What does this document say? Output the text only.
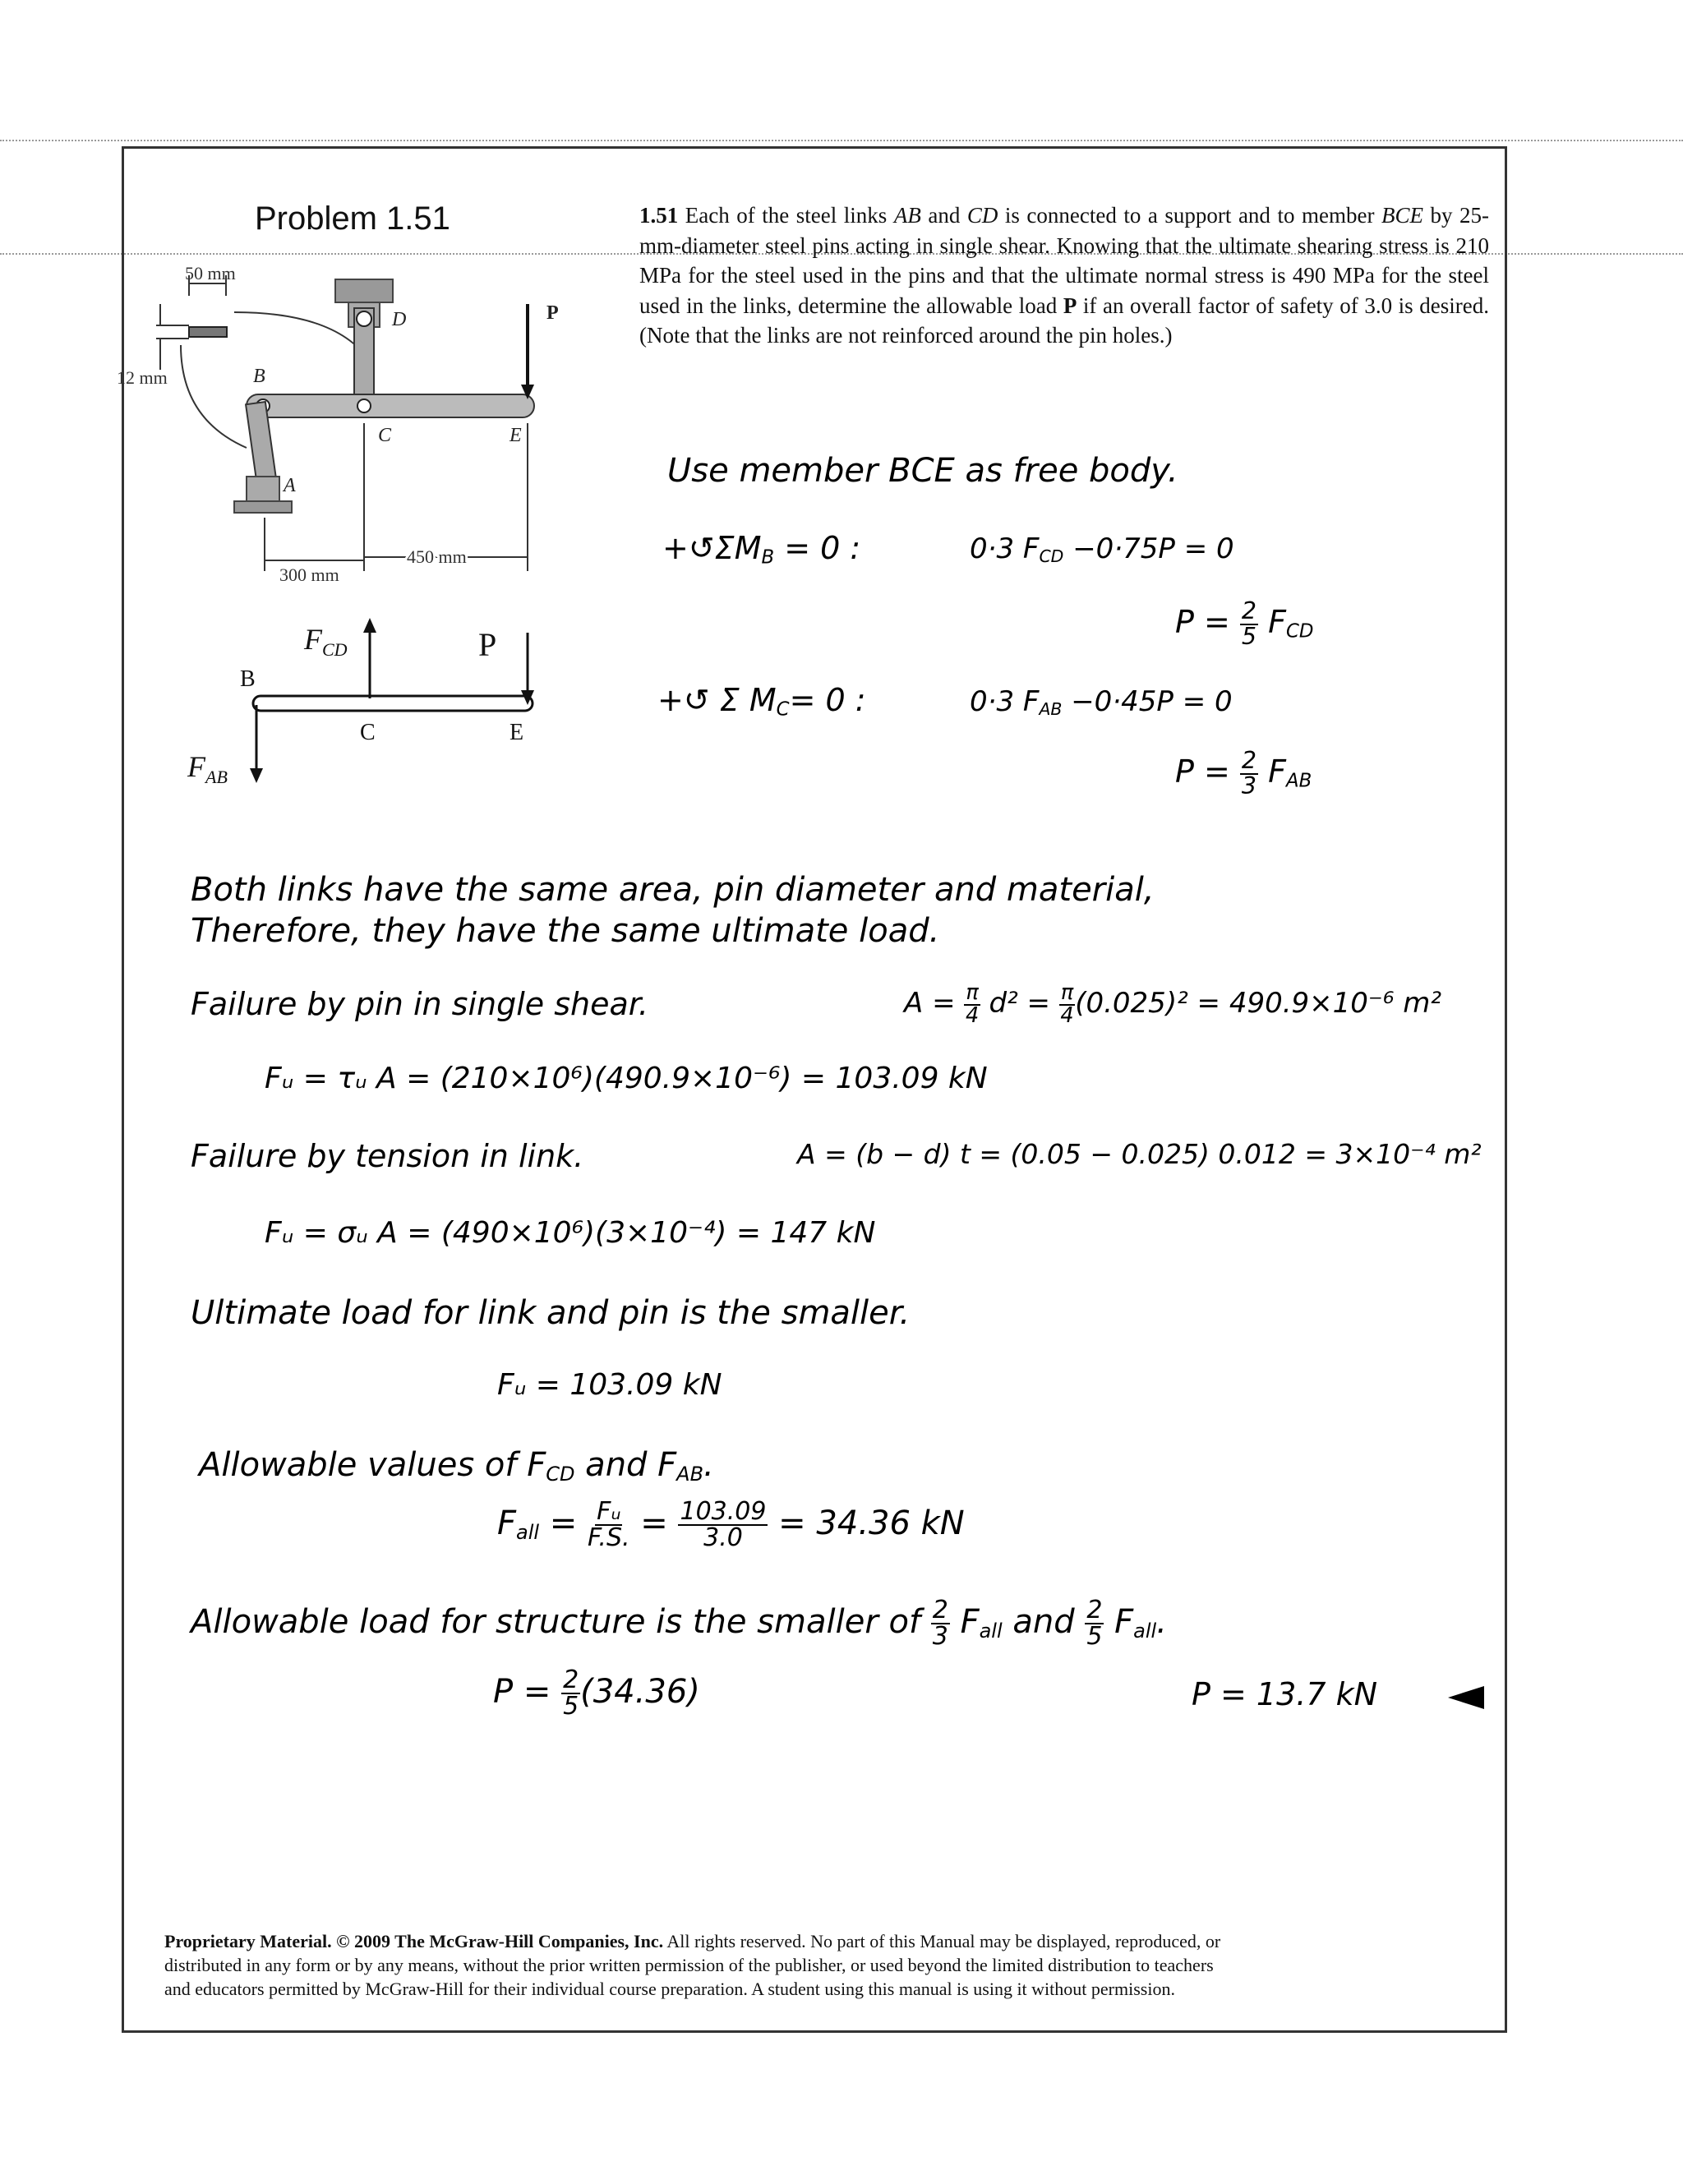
Problem 1.51	1.51 Each of the steel links AB and CD is connected to a support and to member BCE by 25-mm-diameter steel pins acting in single shear. Knowing that the ultimate shearing stress is 210 MPa for the steel used in the pins and that the ultimate normal stress is 490 MPa for the steel used in the links, determine the allowable load P if an overall factor of safety of 3.0 is desired. (Note that the links are not reinforced around the pin holes.)
50 mm
12 mm
D
B
C	E
P
A
300 mm
450 mm
$F_{CD}$	P
$F_{AB}$
B
C	E
Use member BCE as free body.
$+↺\Sigma M_B = 0$ :	0·3 $F_{CD} -0\cdot 75P = 0$
$P = \frac{2}{5} F_{CD}$
+↺ Σ $M_C= 0$ :	0·3 $F_{AB} -0\cdot 45P = 0$
$P = \frac{2}{3} F_{AB}$
Both links have the same area, pin diameter and material,
Therefore, they have the same ultimate load.
Failure by pin in single shear.	$A = \frac{\pi}{4} d^2 = \frac{\pi}{4} (0.025)^2 = 490.9\times 10^{-6}$ m²
Fᵤ = τᵤ A = (210×10⁶)(490.9×10⁻⁶) = 103.09 kN
Failure by tension in link.	A = (b − d) t = (0.05 − 0.025) 0.012 = 3×10⁻⁴ m²
Fᵤ = σᵤ A = (490×10⁶)(3×10⁻⁴) = 147 kN
Ultimate load for link and pin is the smaller.
Fᵤ = 103.09 kN
Allowable values of $F_{CD}$ and $F_{AB}$.
$F_{all} = \frac{\text{Fᵤ}}{F.S.} = \frac{103.09}{3.0} = 34.36$ kN
Allowable load for structure is the smaller of $\frac{2}{3} F_{all}$ and $\frac{2}{5} F_{all}$.
$P = \frac{2}{5} (34.36)$	P = 13.7 kN
Proprietary Material. © 2009 The McGraw-Hill Companies, Inc. All rights reserved. No part of this Manual may be displayed, reproduced, or
distributed in any form or by any means, without the prior written permission of the publisher, or used beyond the limited distribution to teachers
and educators permitted by McGraw-Hill for their individual course preparation. A student using this manual is using it without permission.
